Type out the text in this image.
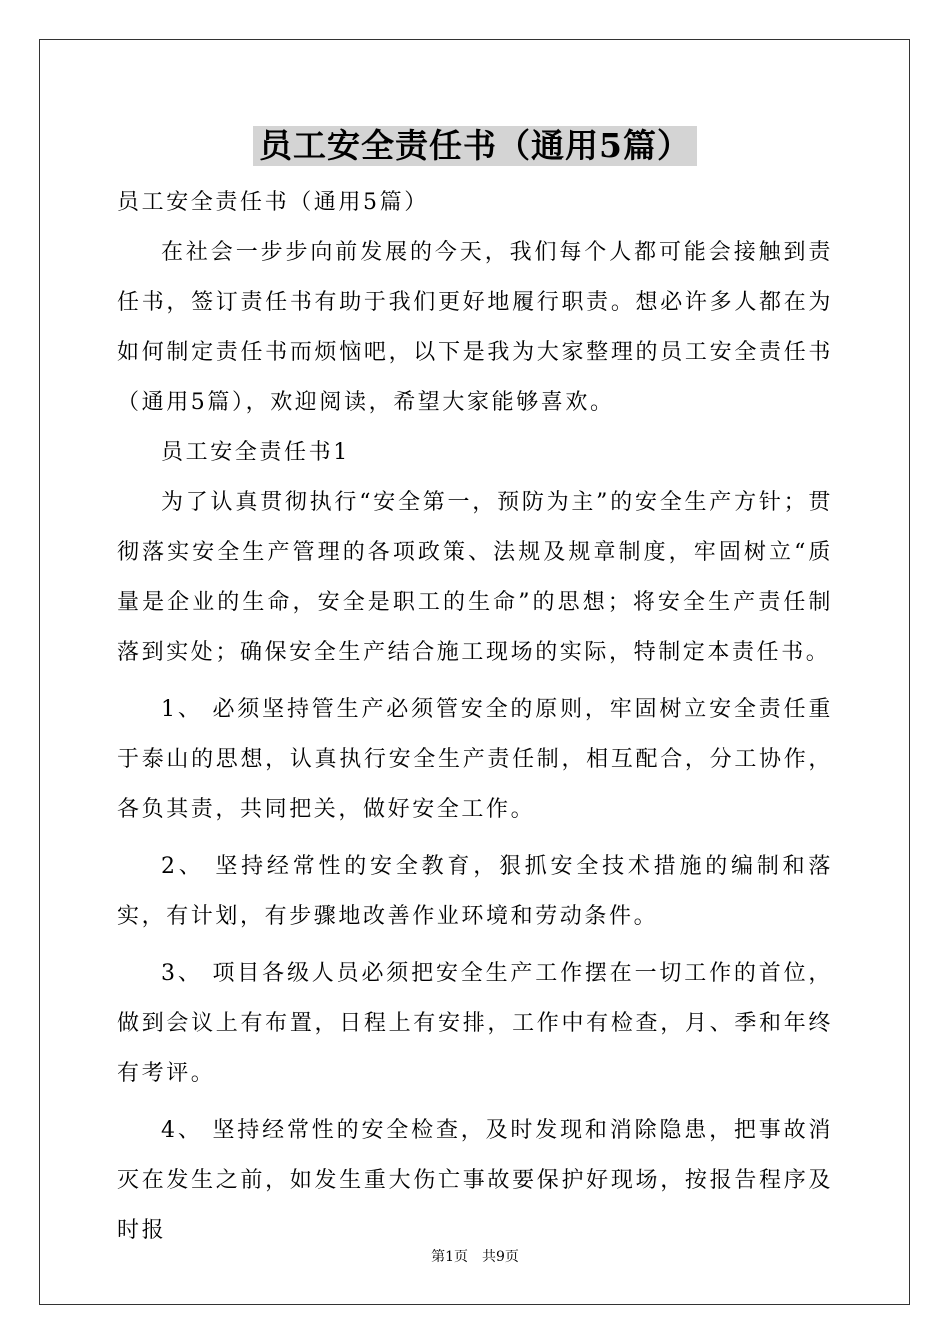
员工安全责任书（通用5篇）

员工安全责任书（通用5篇）

在社会一步步向前发展的今天，我们每个人都可能会接触到责任书，签订责任书有助于我们更好地履行职责。想必许多人都在为如何制定责任书而烦恼吧，以下是我为大家整理的员工安全责任书（通用5篇），欢迎阅读，希望大家能够喜欢。

员工安全责任书1

为了认真贯彻执行“安全第一，预防为主”的安全生产方针；贯彻落实安全生产管理的各项政策、法规及规章制度，牢固树立“质量是企业的生命，安全是职工的生命”的思想；将安全生产责任制落到实处；确保安全生产结合施工现场的实际，特制定本责任书。

1、 必须坚持管生产必须管安全的原则，牢固树立安全责任重于泰山的思想，认真执行安全生产责任制，相互配合，分工协作，各负其责，共同把关，做好安全工作。

2、 坚持经常性的安全教育，狠抓安全技术措施的编制和落实，有计划，有步骤地改善作业环境和劳动条件。

3、 项目各级人员必须把安全生产工作摆在一切工作的首位，做到会议上有布置，日程上有安排，工作中有检查，月、季和年终有考评。

4、 坚持经常性的安全检查，及时发现和消除隐患，把事故消灭在发生之前，如发生重大伤亡事故要保护好现场，按报告程序及时报

第1页　共9页
